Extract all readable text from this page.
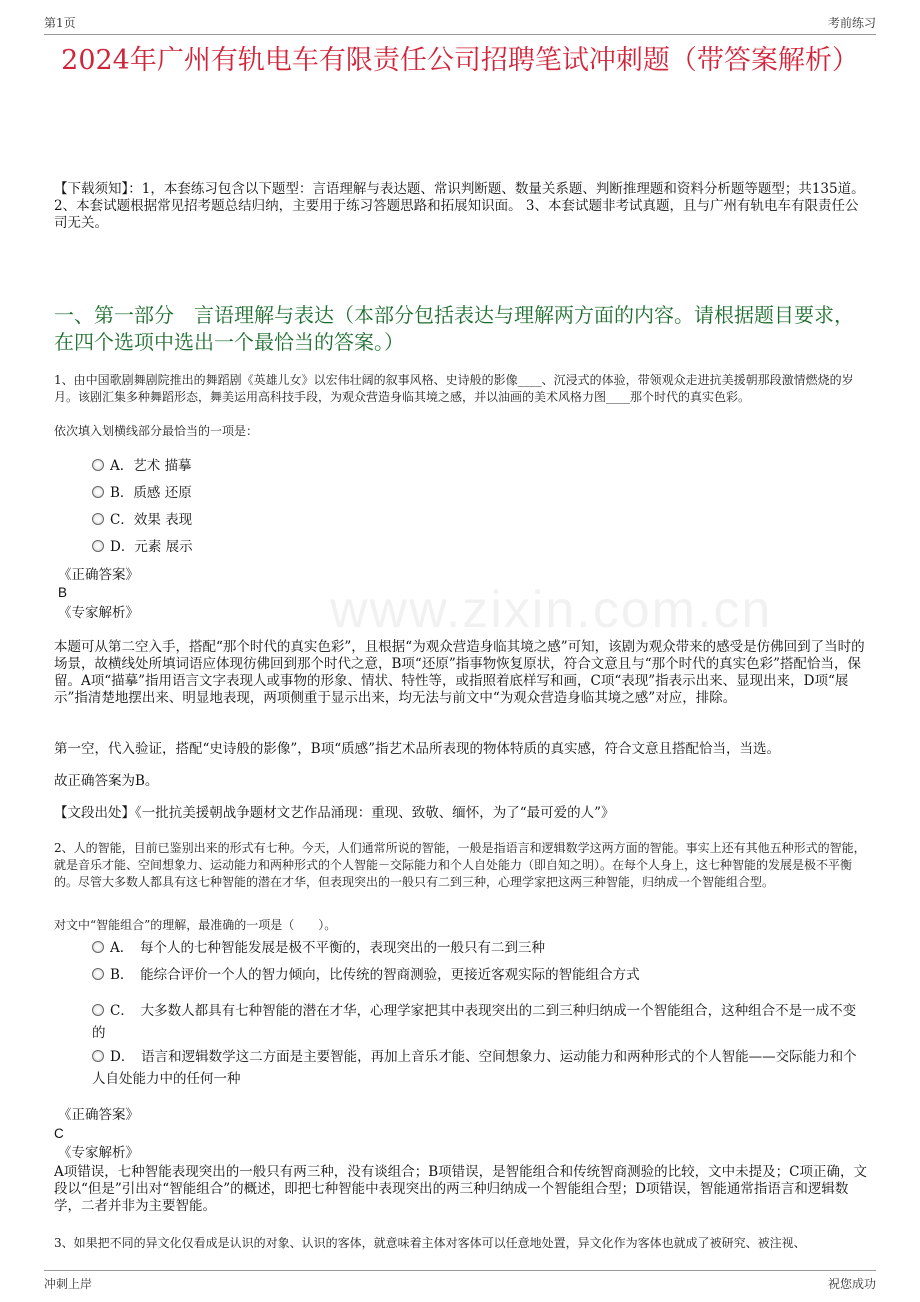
第1页	考前练习
2024年广州有轨电车有限责任公司招聘笔试冲刺题（带答案解析）
【下载须知】：1，本套练习包含以下题型：言语理解与表达题、常识判断题、数量关系题、判断推理题和资料分析题等题型；共135道。 2、本套试题根据常见招考题总结归纳，主要用于练习答题思路和拓展知识面。 3、本套试题非考试真题，且与广州有轨电车有限责任公司无关。
一、第一部分　言语理解与表达（本部分包括表达与理解两方面的内容。请根据题目要求，在四个选项中选出一个最恰当的答案。）
1、由中国歌剧舞剧院推出的舞蹈剧《英雄儿女》以宏伟壮阔的叙事风格、史诗般的影像____、沉浸式的体验，带领观众走进抗美援朝那段激情燃烧的岁月。该剧汇集多种舞蹈形态，舞美运用高科技手段，为观众营造身临其境之感，并以油画的美术风格力图____那个时代的真实色彩。
依次填入划横线部分最恰当的一项是：
A．艺术 描摹
B．质感 还原
C．效果 表现
D．元素 展示
《正确答案》
B
《专家解析》
本题可从第二空入手，搭配“那个时代的真实色彩”，且根据“为观众营造身临其境之感”可知，该剧为观众带来的感受是仿佛回到了当时的场景，故横线处所填词语应体现彷佛回到那个时代之意，B项“还原”指事物恢复原状，符合文意且与“那个时代的真实色彩”搭配恰当，保留。A项“描摹”指用语言文字表现人或事物的形象、情状、特性等，或指照着底样写和画，C项“表现”指表示出来、显现出来，D项“展示”指清楚地摆出来、明显地表现，两项侧重于显示出来，均无法与前文中“为观众营造身临其境之感”对应，排除。
第一空，代入验证，搭配“史诗般的影像”，B项“质感”指艺术品所表现的物体特质的真实感，符合文意且搭配恰当，当选。
故正确答案为B。
【文段出处】《一批抗美援朝战争题材文艺作品涌现：重现、致敬、缅怀，为了“最可爱的人”》
2、人的智能，目前已鉴别出来的形式有七种。今天，人们通常所说的智能，一般是指语言和逻辑数学这两方面的智能。事实上还有其他五种形式的智能，就是音乐才能、空间想象力、运动能力和两种形式的个人智能－交际能力和个人自处能力（即自知之明）。在每个人身上，这七种智能的发展是极不平衡的。尽管大多数人都具有这七种智能的潜在才华，但表现突出的一般只有二到三种，心理学家把这两三种智能，归纳成一个智能组合型。
对文中“智能组合”的理解，最准确的一项是（　　）。
A．　每个人的七种智能发展是极不平衡的，表现突出的一般只有二到三种
B．　能综合评价一个人的智力倾向，比传统的智商测验，更接近客观实际的智能组合方式
C．　大多数人都具有七种智能的潜在才华，心理学家把其中表现突出的二到三种归纳成一个智能组合，这种组合不是一成不变的
D．　语言和逻辑数学这二方面是主要智能，再加上音乐才能、空间想象力、运动能力和两种形式的个人智能——交际能力和个人自处能力中的任何一种
《正确答案》
C
《专家解析》
A项错误，七种智能表现突出的一般只有两三种，没有谈组合；B项错误，是智能组合和传统智商测验的比较，文中未提及；C项正确，文段以“但是”引出对“智能组合”的概述，即把七种智能中表现突出的两三种归纳成一个智能组合型；D项错误，智能通常指语言和逻辑数学，二者并非为主要智能。
3、如果把不同的异文化仅看成是认识的对象、认识的客体，就意味着主体对客体可以任意地处置，异文化作为客体也就成了被研究、被注视、
www.zixin.com.cn
冲刺上岸	祝您成功
